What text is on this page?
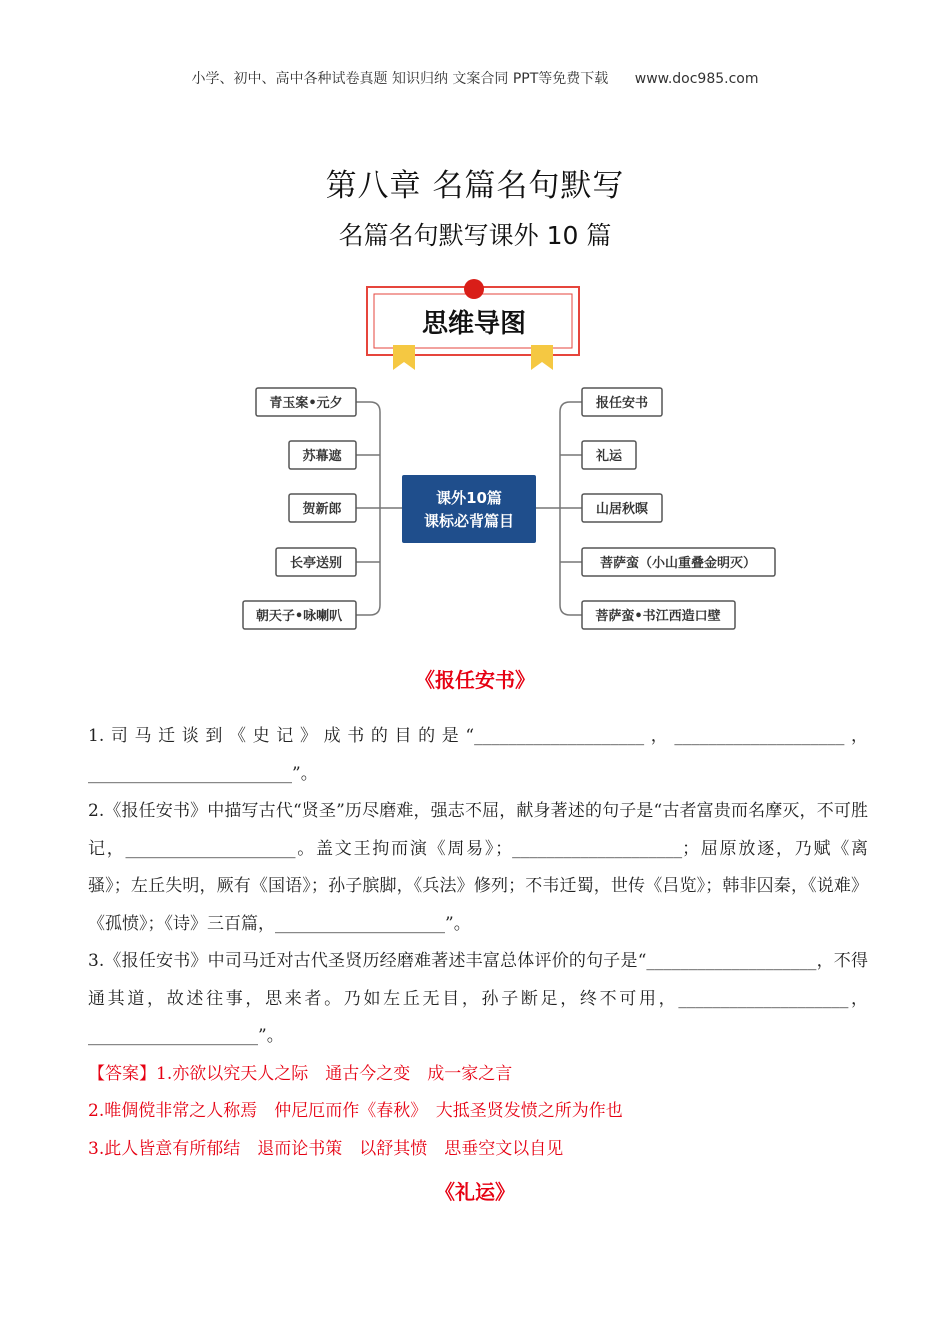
小学、初中、高中各种试卷真题 知识归纳 文案合同 PPT等免费下载 www.doc985.com
第八章 名篇名句默写
名篇名句默写课外 10 篇
思维导图
课外10篇
课标必背篇目
青玉案•元夕
苏幕遮
贺新郎
长亭送别
朝天子•咏喇叭
报任安书
礼运
山居秋暝
菩萨蛮（小山重叠金明灭）
菩萨蛮•书江西造口壁
《报任安书》

1.司马迁谈到《史记》成书的目的是“____________________，____________________，________________________”。

2.《报任安书》中描写古代“贤圣”历尽磨难，强志不屈，献身著述的句子是“古者富贵而名摩灭，不可胜记，____________________。盖文王拘而演《周易》；____________________；屈原放逐，乃赋《离骚》；左丘失明，厥有《国语》；孙子膑脚，《兵法》修列；不韦迁蜀，世传《吕览》；韩非囚秦，《说难》《孤愤》；《诗》三百篇，____________________”。

3.《报任安书》中司马迁对古代圣贤历经磨难著述丰富总体评价的句子是“____________________，不得通其道，故述往事，思来者。乃如左丘无目，孙子断足，终不可用，____________________，____________________”。

【答案】1.亦欲以究天人之际　通古今之变　成一家之言

2.唯倜傥非常之人称焉　仲尼厄而作《春秋》　大抵圣贤发愤之所为作也

3.此人皆意有所郁结　退而论书策　以舒其愤　思垂空文以自见

《礼运》
